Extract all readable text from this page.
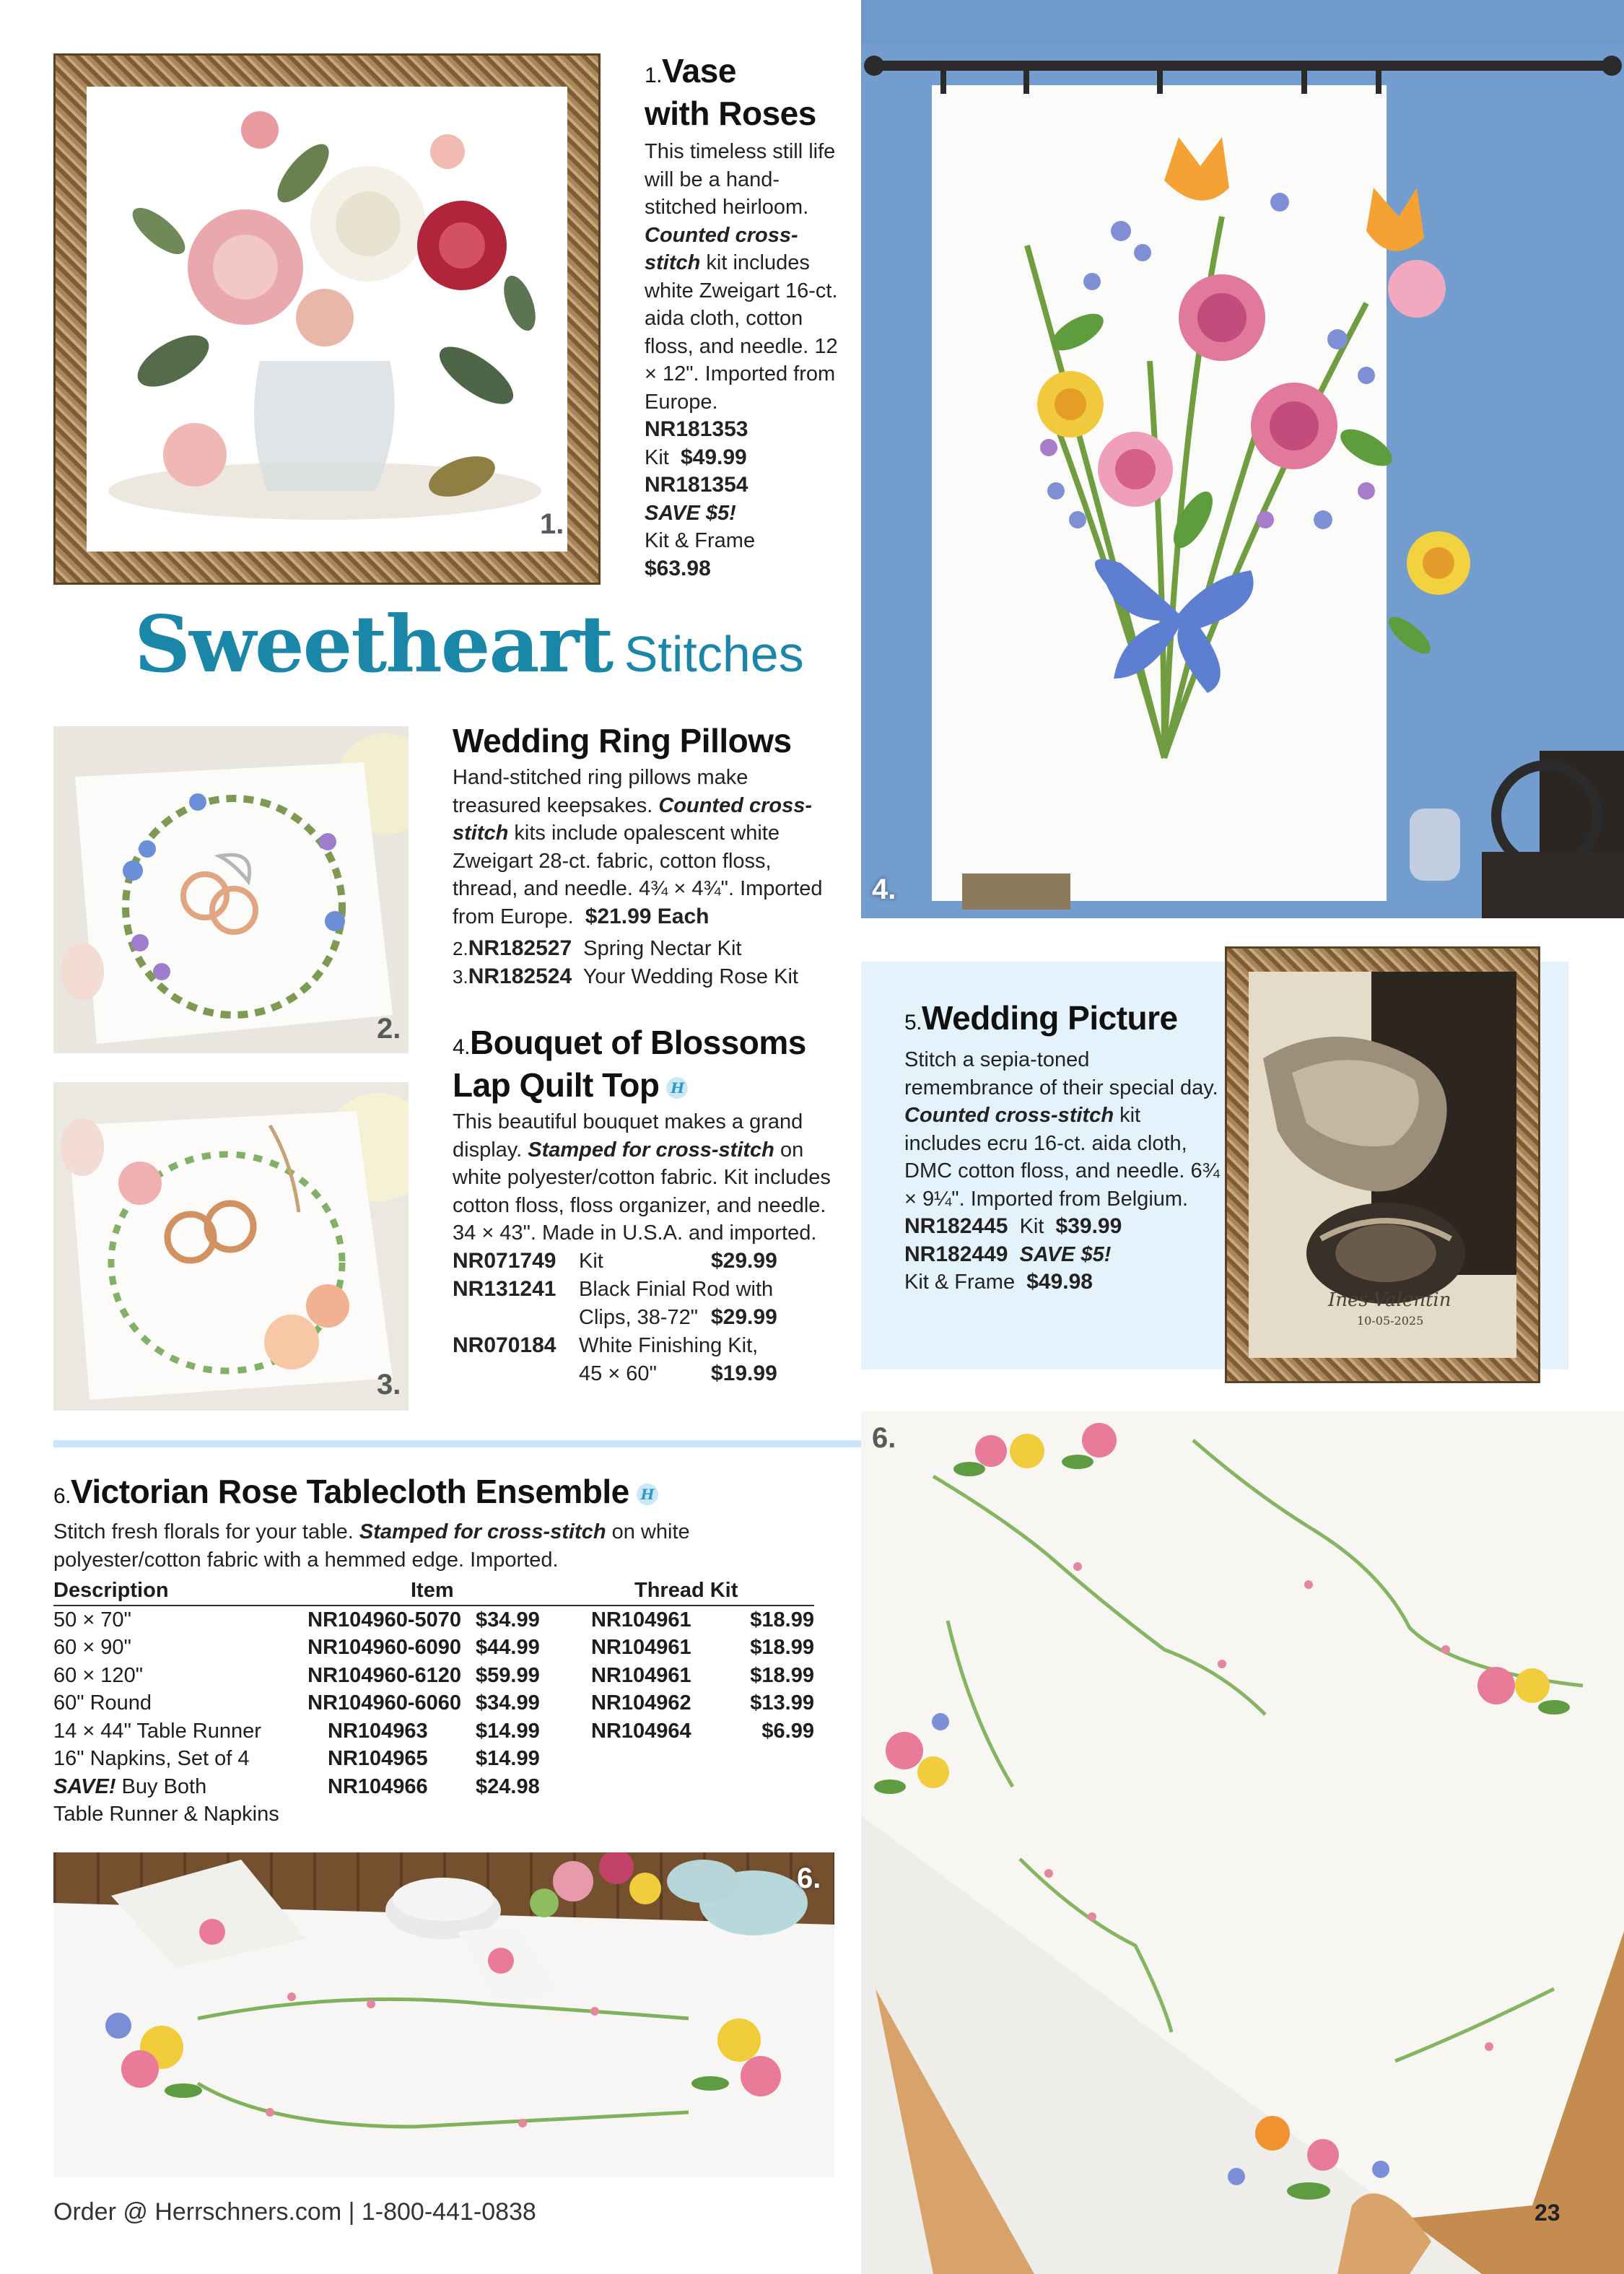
1.
1.Vase
with Roses
This timeless still life will be a hand-stitched heirloom. Counted cross-stitch kit includes white Zweigart 16-ct. aida cloth, cotton floss, and needle. 12 × 12". Imported from Europe.
NR181353
Kit $49.99
NR181354
SAVE $5!
Kit & Frame
$63.98
Sweetheart Stitches
4.
2.
3.
Wedding Ring Pillows
Hand-stitched ring pillows make treasured keepsakes. Counted cross-stitch kits include opalescent white Zweigart 28-ct. fabric, cotton floss, thread, and needle. 4¾ × 4¾". Imported from Europe. $21.99 Each
2.NR182527 Spring Nectar Kit
3.NR182524 Your Wedding Rose Kit
4.Bouquet of Blossoms
Lap Quilt Top H
This beautiful bouquet makes a grand display. Stamped for cross-stitch on white polyester/cotton fabric. Kit includes cotton floss, floss organizer, and needle. 34 × 43". Made in U.S.A. and imported.
NR071749 Kit	$29.99
NR131241 Black Finial Rod with
Clips, 38-72" $29.99
NR070184 White Finishing Kit,
45 × 60"	$19.99
5.Wedding Picture
Stitch a sepia-toned remembrance of their special day. Counted cross-stitch kit includes ecru 16-ct. aida cloth, DMC cotton floss, and needle. 6¾ × 9¼". Imported from Belgium.
NR182445 Kit $39.99
NR182449 SAVE $5!
Kit & Frame $49.98
Ines-Valentin
10-05-2025
6.
6.Victorian Rose Tablecloth Ensemble H
Stitch fresh florals for your table. Stamped for cross-stitch on white polyester/cotton fabric with a hemmed edge. Imported.
Description	Item		Thread Kit	
50 × 70"	NR104960-5070	$34.99	NR104961	$18.99
60 × 90"	NR104960-6090	$44.99	NR104961	$18.99
60 × 120"	NR104960-6120	$59.99	NR104961	$18.99
60" Round	NR104960-6060	$34.99	NR104962	$13.99
14 × 44" Table Runner	NR104963	$14.99	NR104964	$6.99
16" Napkins, Set of 4	NR104965	$14.99		
SAVE! Buy Both	NR104966	$24.98		
Table Runner & Napkins				
6.
Order @ Herrschners.com | 1-800-441-0838	23
